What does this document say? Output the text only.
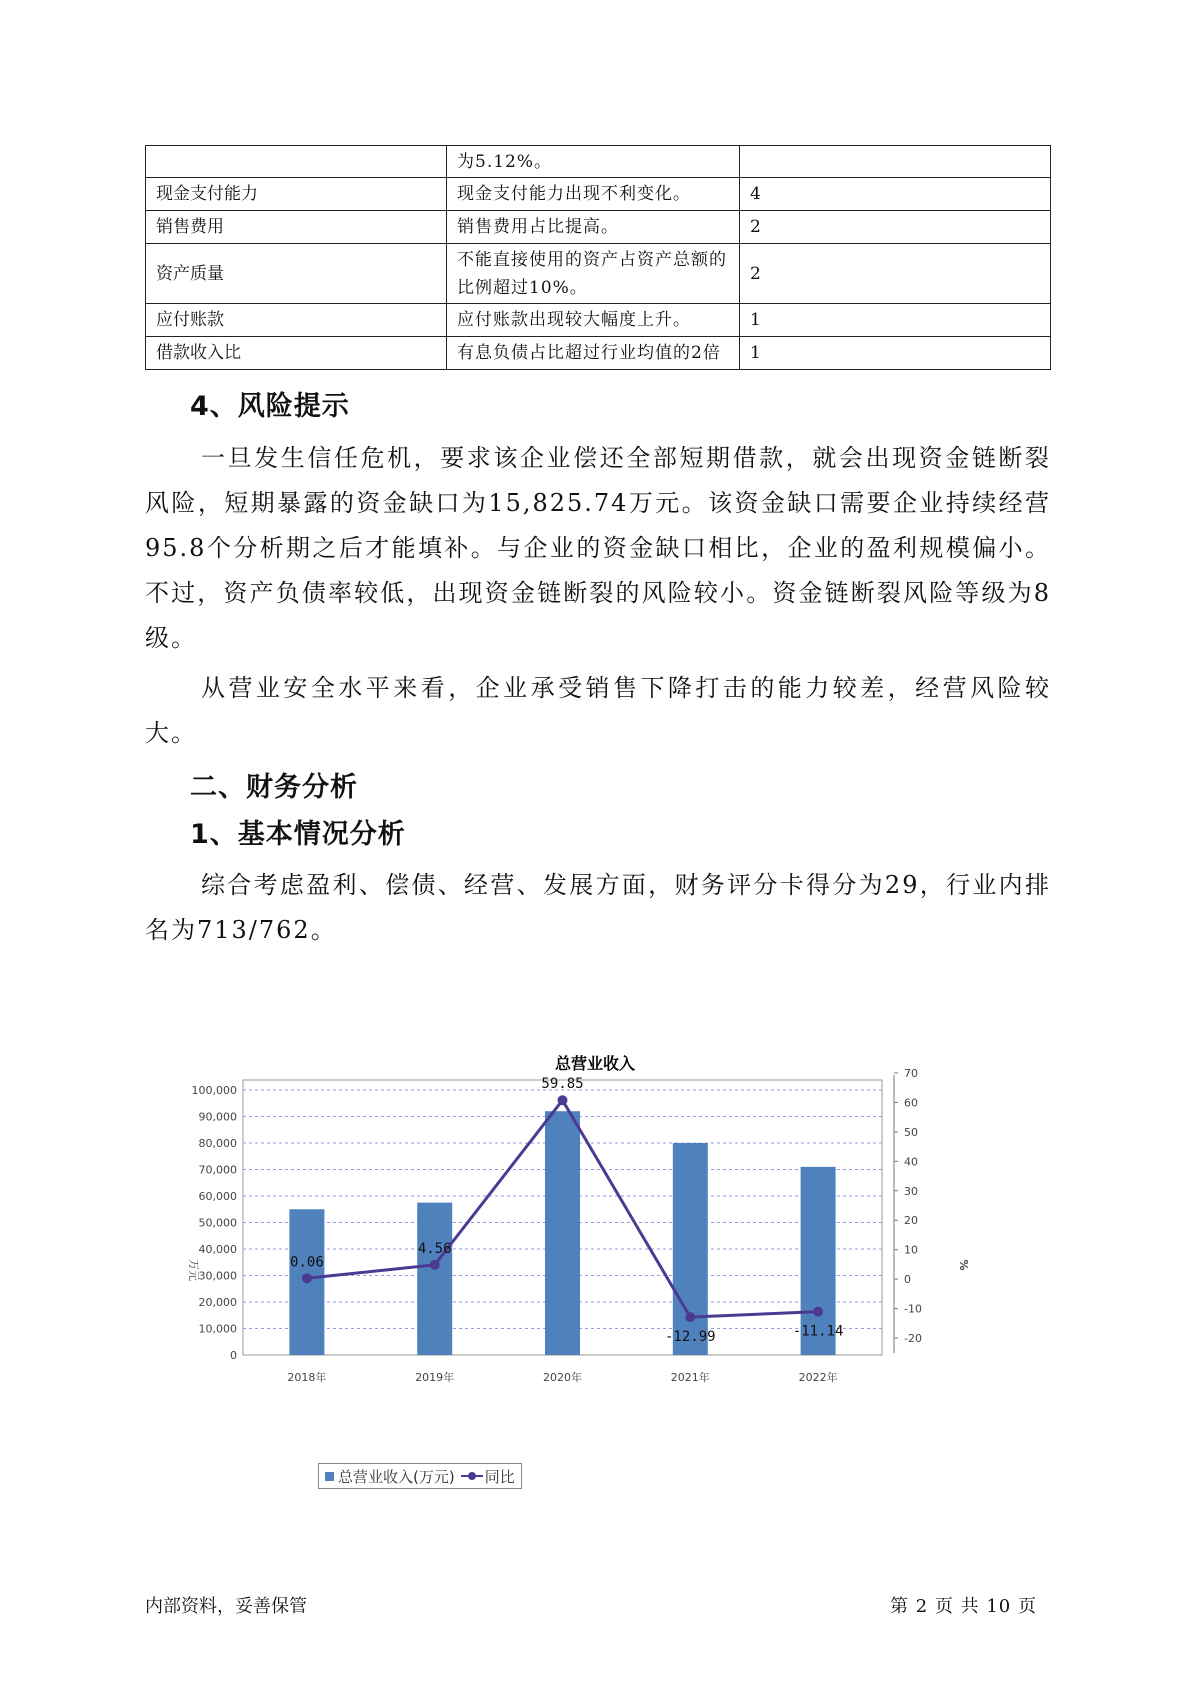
	为5.12%。	
现金支付能力	现金支付能力出现不利变化。	4
销售费用	销售费用占比提高。	2
资产质量	不能直接使用的资产占资产总额的比例超过10%。	2
应付账款	应付账款出现较大幅度上升。	1
借款收入比	有息负债占比超过行业均值的2倍	1
4、风险提示
一旦发生信任危机，要求该企业偿还全部短期借款，就会出现资金链断裂风险，短期暴露的资金缺口为15,825.74万元。该资金缺口需要企业持续经营 95.8个分析期之后才能填补。与企业的资金缺口相比，企业的盈利规模偏小。不过，资产负债率较低，出现资金链断裂的风险较小。资金链断裂风险等级为8级。
从营业安全水平来看，企业承受销售下降打击的能力较差，经营风险较大。
二、财务分析
1、基本情况分析
综合考虑盈利、偿债、经营、发展方面，财务评分卡得分为29，行业内排名为713/762。
总营业收入
万元	%
0
10,000
20,000
30,000
40,000
50,000
60,000
70,000
80,000
90,000
100,000
-20
-10
0
10
20
30
40
50
60
70
2018年	2019年	2020年	2021年	2022年
0.06
4.56
59.85
-12.99	-11.14
总营业收入(万元) 同比
内部资料，妥善保管	第 2 页 共 10 页
